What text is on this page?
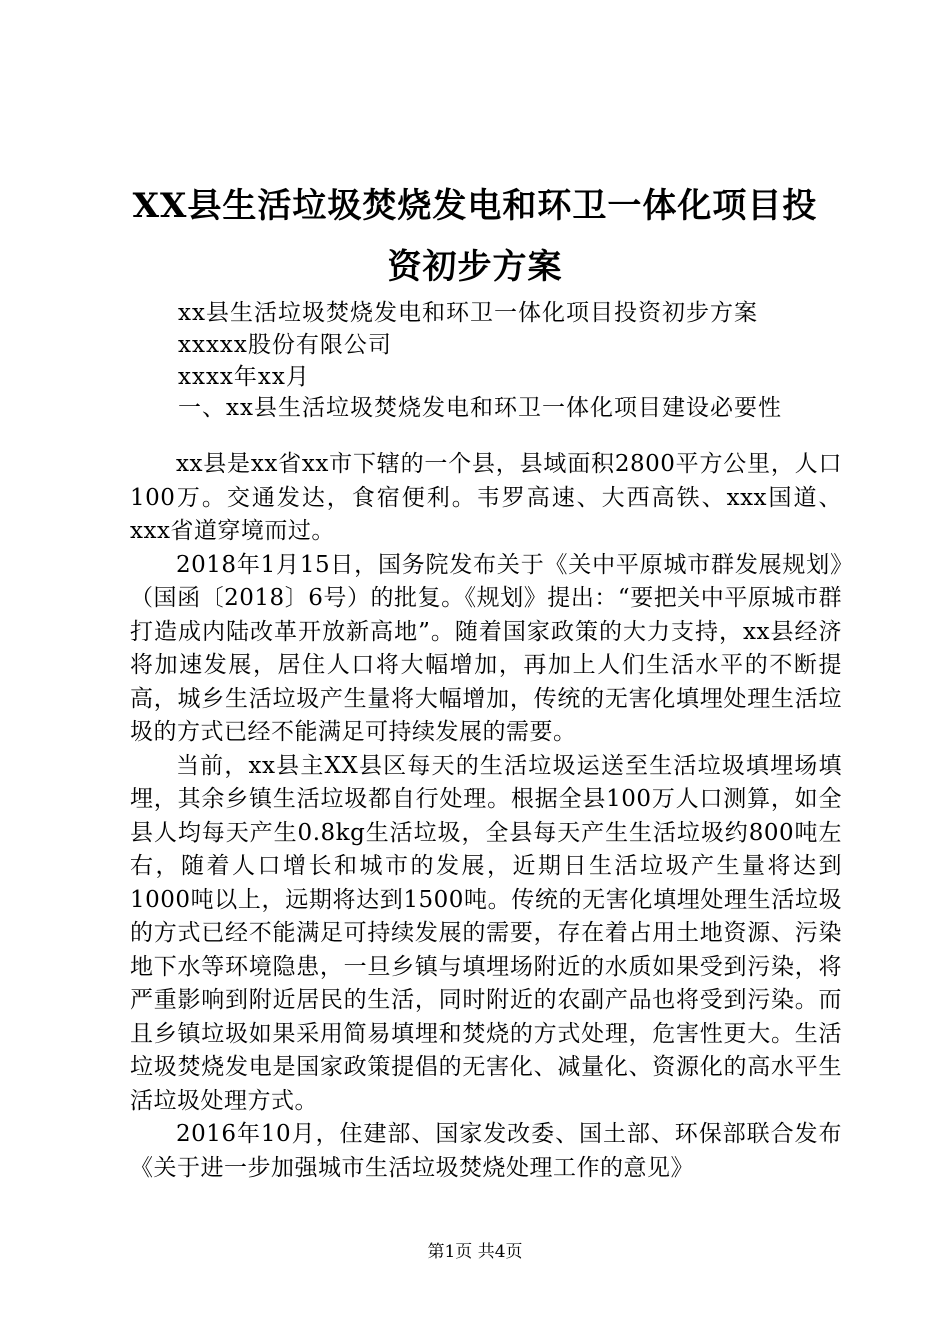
XX县生活垃圾焚烧发电和环卫一体化项目投
资初步方案
xx县生活垃圾焚烧发电和环卫一体化项目投资初步方案
xxxxx股份有限公司
xxxx年xx月
一、xx县生活垃圾焚烧发电和环卫一体化项目建设必要性

xx县是xx省xx市下辖的一个县，县域面积2800平方公里，人口100万。交通发达，食宿便利。韦罗高速、大西高铁、xxx国道、xxx省道穿境而过。

2018年1月15日，国务院发布关于《关中平原城市群发展规划》（国函〔2018〕6号）的批复。《规划》提出：“要把关中平原城市群打造成内陆改革开放新高地”。随着国家政策的大力支持，xx县经济将加速发展，居住人口将大幅增加，再加上人们生活水平的不断提高，城乡生活垃圾产生量将大幅增加，传统的无害化填埋处理生活垃圾的方式已经不能满足可持续发展的需要。

当前，xx县主XX县区每天的生活垃圾运送至生活垃圾填埋场填埋，其余乡镇生活垃圾都自行处理。根据全县100万人口测算，如全县人均每天产生0.8kg生活垃圾，全县每天产生生活垃圾约800吨左右，随着人口增长和城市的发展，近期日生活垃圾产生量将达到1000吨以上，远期将达到1500吨。传统的无害化填埋处理生活垃圾的方式已经不能满足可持续发展的需要，存在着占用土地资源、污染地下水等环境隐患，一旦乡镇与填埋场附近的水质如果受到污染，将严重影响到附近居民的生活，同时附近的农副产品也将受到污染。而且乡镇垃圾如果采用简易填埋和焚烧的方式处理，危害性更大。生活垃圾焚烧发电是国家政策提倡的无害化、减量化、资源化的高水平生活垃圾处理方式。

2016年10月，住建部、国家发改委、国土部、环保部联合发布《关于进一步加强城市生活垃圾焚烧处理工作的意见》

第1页 共4页
